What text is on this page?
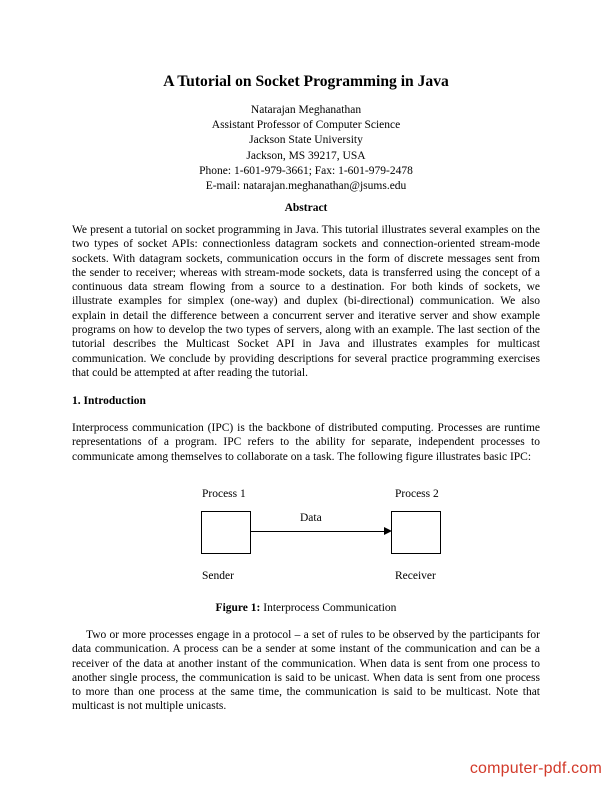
A Tutorial on Socket Programming in Java
Natarajan Meghanathan
Assistant Professor of Computer Science
Jackson State University
Jackson, MS 39217, USA
Phone: 1-601-979-3661; Fax: 1-601-979-2478
E-mail: natarajan.meghanathan@jsums.edu
Abstract
We present a tutorial on socket programming in Java. This tutorial illustrates several examples on the two types of socket APIs: connectionless datagram sockets and connection-oriented stream-mode sockets. With datagram sockets, communication occurs in the form of discrete messages sent from the sender to receiver; whereas with stream-mode sockets, data is transferred using the concept of a continuous data stream flowing from a source to a destination. For both kinds of sockets, we illustrate examples for simplex (one-way) and duplex (bi-directional) communication. We also explain in detail the difference between a concurrent server and iterative server and show example programs on how to develop the two types of servers, along with an example. The last section of the tutorial describes the Multicast Socket API in Java and illustrates examples for multicast communication. We conclude by providing descriptions for several practice programming exercises that could be attempted at after reading the tutorial.
1. Introduction
Interprocess communication (IPC) is the backbone of distributed computing. Processes are runtime representations of a program. IPC refers to the ability for separate, independent processes to communicate among themselves to collaborate on a task. The following figure illustrates basic IPC:
Process 1	Process 2
Data
Sender	Receiver
Figure 1: Interprocess Communication
Two or more processes engage in a protocol – a set of rules to be observed by the participants for data communication. A process can be a sender at some instant of the communication and can be a receiver of the data at another instant of the communication. When data is sent from one process to another single process, the communication is said to be unicast. When data is sent from one process to more than one process at the same time, the communication is said to be multicast. Note that multicast is not multiple unicasts.
computer-pdf.com
